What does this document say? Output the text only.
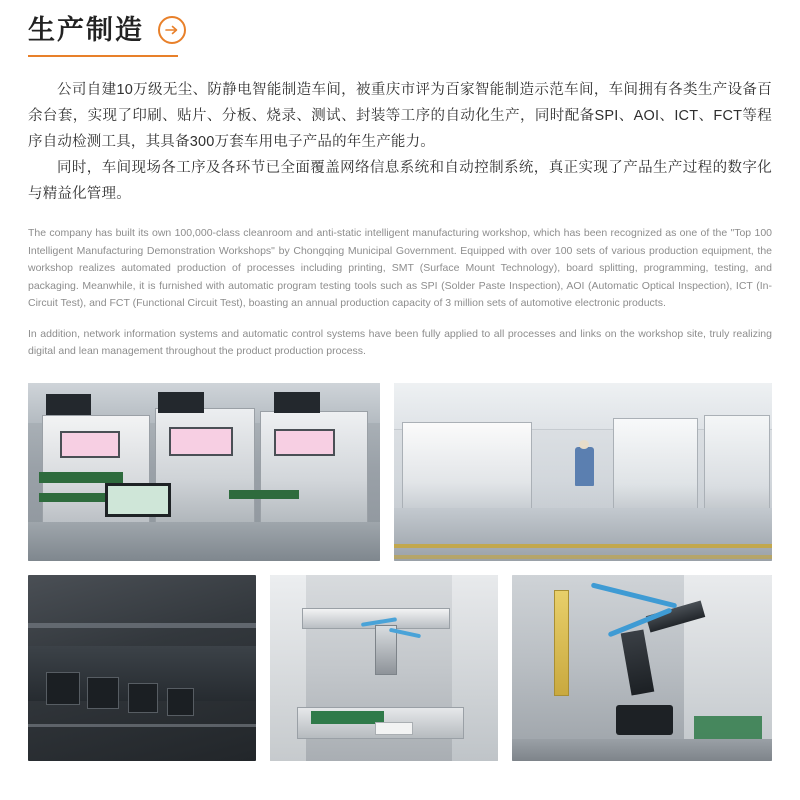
生产制造

公司自建10万级无尘、防静电智能制造车间，被重庆市评为百家智能制造示范车间，车间拥有各类生产设备百余台套，实现了印刷、贴片、分板、烧录、测试、封装等工序的自动化生产，同时配备SPI、AOI、ICT、FCT等程序自动检测工具，其具备300万套车用电子产品的年生产能力。

同时，车间现场各工序及各环节已全面覆盖网络信息系统和自动控制系统，真正实现了产品生产过程的数字化与精益化管理。

The company has built its own 100,000-class cleanroom and anti-static intelligent manufacturing workshop, which has been recognized as one of the "Top 100 Intelligent Manufacturing Demonstration Workshops" by Chongqing Municipal Government. Equipped with over 100 sets of various production equipment, the workshop realizes automated production of processes including printing, SMT (Surface Mount Technology), board splitting, programming, testing, and packaging. Meanwhile, it is furnished with automatic program testing tools such as SPI (Solder Paste Inspection), AOI (Automatic Optical Inspection), ICT (In-Circuit Test), and FCT (Functional Circuit Test), boasting an annual production capacity of 3 million sets of automotive electronic products.

In addition, network information systems and automatic control systems have been fully applied to all processes and links on the workshop site, truly realizing digital and lean management throughout the product production process.
